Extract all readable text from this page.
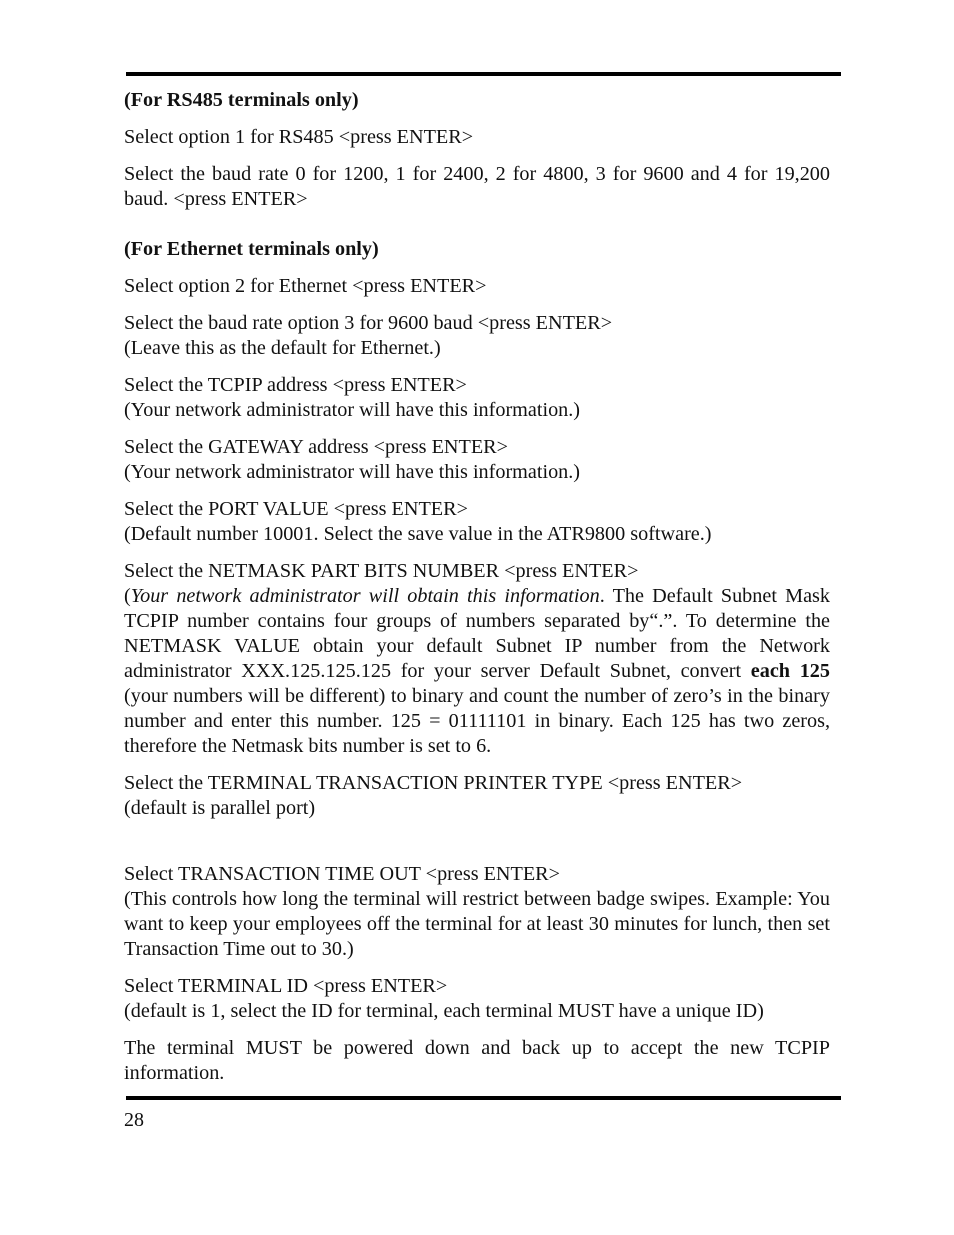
(For RS485 terminals only)

Select option 1 for RS485 <press ENTER>

Select the baud rate 0 for 1200, 1 for 2400, 2 for 4800, 3 for 9600 and 4 for 19,200 baud. <press ENTER>

(For Ethernet terminals only)

Select option 2 for Ethernet <press ENTER>

Select the baud rate option 3 for 9600 baud <press ENTER>
(Leave this as the default for Ethernet.)

Select the TCPIP address <press ENTER>
(Your network administrator will have this information.)

Select the GATEWAY address <press ENTER>
(Your network administrator will have this information.)

Select the PORT VALUE <press ENTER>
(Default number 10001. Select the save value in the ATR9800 software.)

Select the NETMASK PART BITS NUMBER <press ENTER>
(Your network administrator will obtain this information. The Default Subnet Mask TCPIP number contains four groups of numbers separated by“.”. To determine the NETMASK VALUE obtain your default Subnet IP number from the Network administrator XXX.125.125.125 for your server Default Subnet, convert each 125 (your numbers will be different) to binary and count the number of zero’s in the binary number and enter this number. 125 = 01111101 in binary. Each 125 has two zeros, therefore the Netmask bits number is set to 6.

Select the TERMINAL TRANSACTION PRINTER TYPE <press ENTER>
(default is parallel port)

Select TRANSACTION TIME OUT <press ENTER>
(This controls how long the terminal will restrict between badge swipes. Example: You want to keep your employees off the terminal for at least 30 minutes for lunch, then set Transaction Time out to 30.)

Select TERMINAL ID <press ENTER>
(default is 1, select the ID for terminal, each terminal MUST have a unique ID)

The terminal MUST be powered down and back up to accept the new TCPIP information.

28
